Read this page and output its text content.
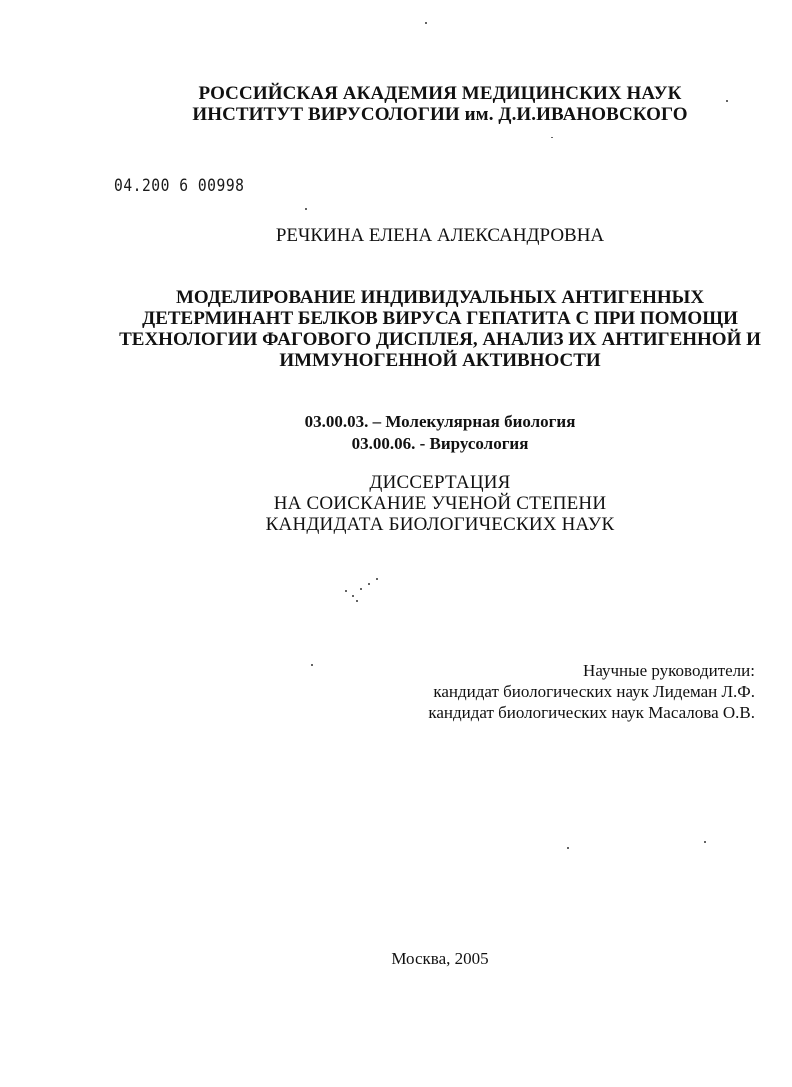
РОССИЙСКАЯ АКАДЕМИЯ МЕДИЦИНСКИХ НАУК
ИНСТИТУТ ВИРУСОЛОГИИ им. Д.И.ИВАНОВСКОГО
04.200 6 00998
РЕЧКИНА ЕЛЕНА АЛЕКСАНДРОВНА
МОДЕЛИРОВАНИЕ ИНДИВИДУАЛЬНЫХ АНТИГЕННЫХ
ДЕТЕРМИНАНТ БЕЛКОВ ВИРУСА ГЕПАТИТА С ПРИ ПОМОЩИ
ТЕХНОЛОГИИ ФАГОВОГО ДИСПЛЕЯ, АНАЛИЗ ИХ АНТИГЕННОЙ И
ИММУНОГЕННОЙ АКТИВНОСТИ
03.00.03. – Молекулярная биология
03.00.06. - Вирусология
ДИССЕРТАЦИЯ
НА СОИСКАНИЕ УЧЕНОЙ СТЕПЕНИ
КАНДИДАТА БИОЛОГИЧЕСКИХ НАУК
Научные руководители:
кандидат биологических наук Лидеман Л.Ф.
кандидат биологических наук Масалова О.В.
Москва, 2005
